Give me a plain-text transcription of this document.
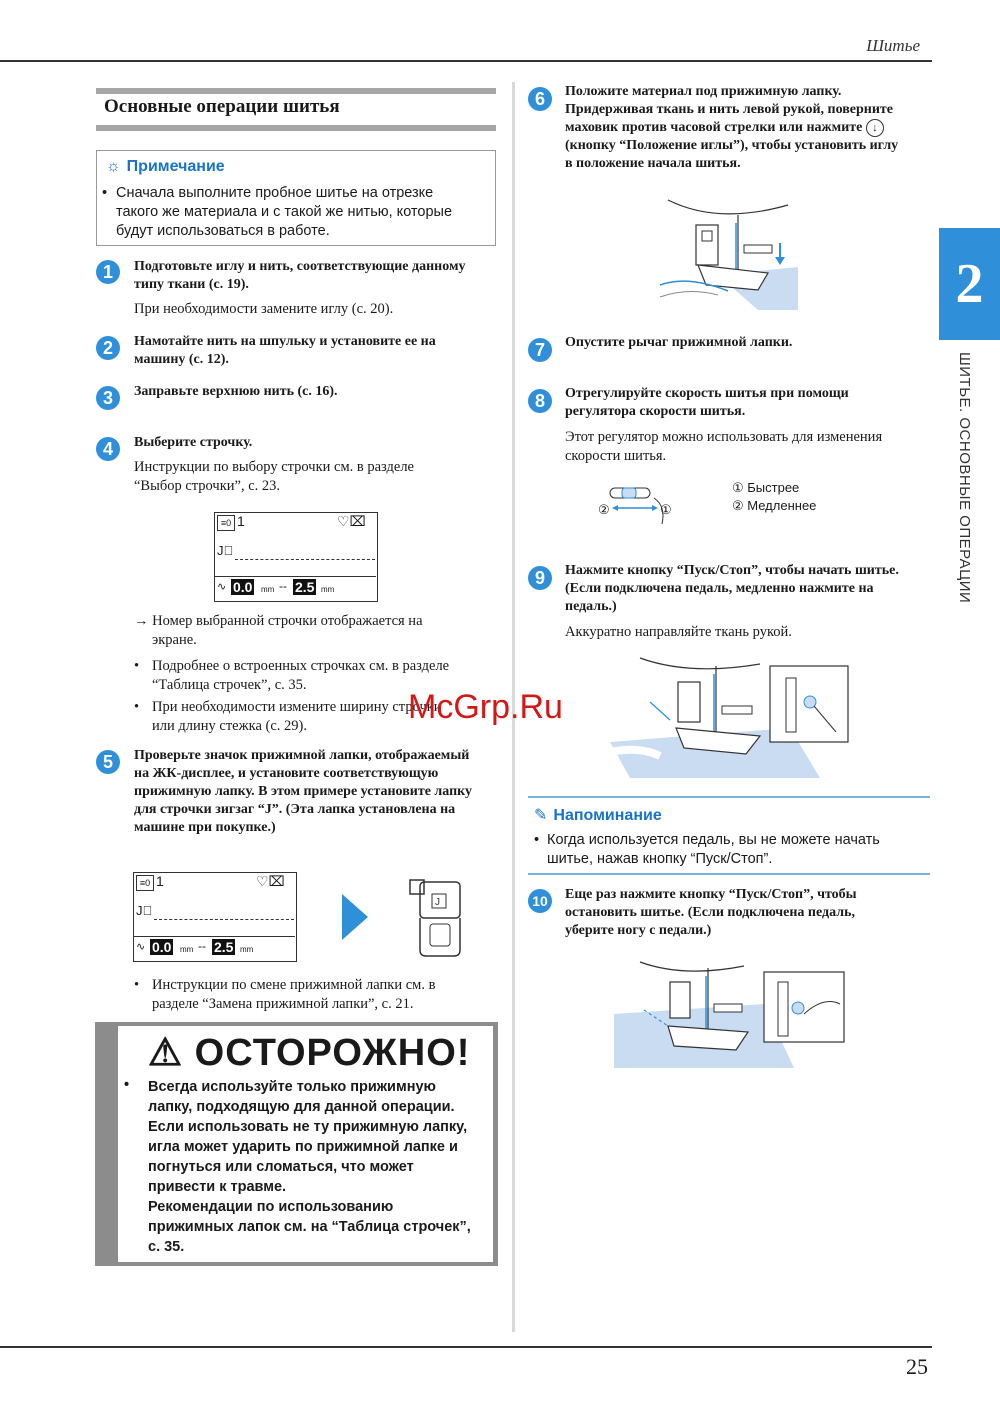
Шитье
Основные операции шитья
☼ Примечание
• Сначала выполните пробное шитье на отрезке
такого же материала и с такой же нитью, которые
будут использоваться в работе.
1	Подготовьте иглу и нить, соответствующие данному
типу ткани (с. 19).
При необходимости замените иглу (с. 20).
2	Намотайте нить на шпульку и установите ее на
машину (с. 12).
3	Заправьте верхнюю нить (с. 16).
4	Выберите строчку.
Инструкции по выбору строчки см. в разделе
“Выбор строчки”, с. 23.
≡0 1	♡⌧
J⃞
∿ 0.0 mm -- 2.5 mm
→ Номер выбранной строчки отображается на
экране.
• Подробнее о встроенных строчках см. в разделе
“Таблица строчек”, с. 35.
• При необходимости измените ширину строчки
или длину стежка (с. 29).
5	Проверьте значок прижимной лапки, отображаемый
на ЖК-дисплее, и установите соответствующую
прижимную лапку. В этом примере установите лапку
для строчки зигзаг “J”. (Эта лапка установлена на
машине при покупке.)
≡0 1	♡⌧
J⃞
∿ 0.0 mm -- 2.5 mm
J
• Инструкции по смене прижимной лапки см. в
разделе “Замена прижимной лапки”, с. 21.
⚠ ОСТОРОЖНО!
• Всегда используйте только прижимную
лапку, подходящую для данной операции.
Если использовать не ту прижимную лапку,
игла может ударить по прижимной лапке и
погнуться или сломаться, что может
привести к травме.
Рекомендации по использованию
прижимных лапок см. на “Таблица строчек”,
с. 35.
6	Положите материал под прижимную лапку.
Придерживая ткань и нить левой рукой, поверните
маховик против часовой стрелки или нажмите ↓
(кнопку “Положение иглы”), чтобы установить иглу
в положение начала шитья.
7	Опустите рычаг прижимной лапки.
8	Отрегулируйте скорость шитья при помощи
регулятора скорости шитья.
Этот регулятор можно использовать для изменения
скорости шитья.
②	①
① Быстрее
② Медленнее
9	Нажмите кнопку “Пуск/Стоп”, чтобы начать шитье.
(Если подключена педаль, медленно нажмите на
педаль.)
Аккуратно направляйте ткань рукой.
McGrp.Ru
✎ Напоминание
• Когда используется педаль, вы не можете начать
шитье, нажав кнопку “Пуск/Стоп”.
10	Еще раз нажмите кнопку “Пуск/Стоп”, чтобы
остановить шитье. (Если подключена педаль,
уберите ногу с педали.)
2
ШИТЬЕ. ОСНОВНЫЕ ОПЕРАЦИИ
25
